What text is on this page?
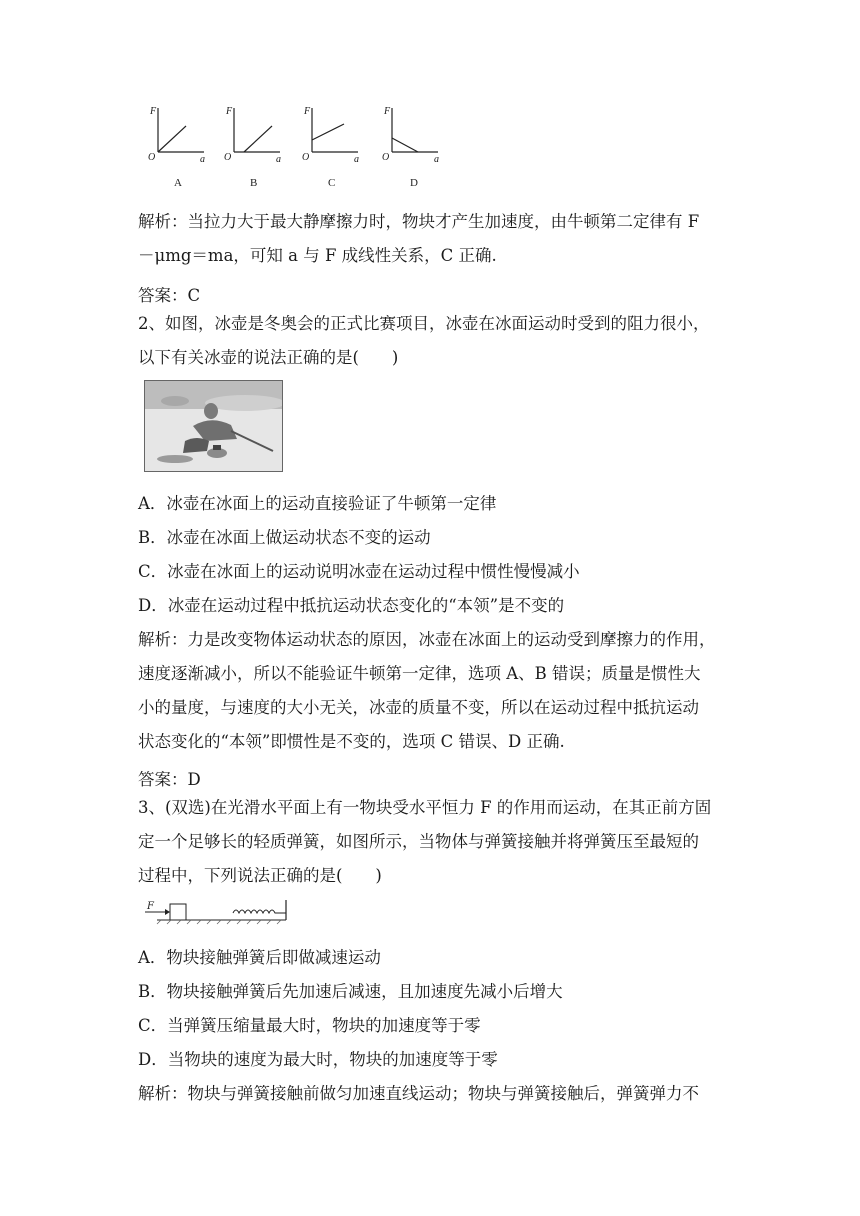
F
O	a
F
O	a
F
O	a
F
O	a
A	B	C	D
解析：当拉力大于最大静摩擦力时，物块才产生加速度，由牛顿第二定律有 F
－μmg＝ma，可知 a 与 F 成线性关系，C 正确.
答案：C
2、如图，冰壶是冬奥会的正式比赛项目，冰壶在冰面运动时受到的阻力很小，
以下有关冰壶的说法正确的是(　　)
A．冰壶在冰面上的运动直接验证了牛顿第一定律
B．冰壶在冰面上做运动状态不变的运动
C．冰壶在冰面上的运动说明冰壶在运动过程中惯性慢慢减小
D．冰壶在运动过程中抵抗运动状态变化的“本领”是不变的
解析：力是改变物体运动状态的原因，冰壶在冰面上的运动受到摩擦力的作用，
速度逐渐减小，所以不能验证牛顿第一定律，选项 A、B 错误；质量是惯性大
小的量度，与速度的大小无关，冰壶的质量不变，所以在运动过程中抵抗运动
状态变化的“本领”即惯性是不变的，选项 C 错误、D 正确.
答案：D
3、(双选)在光滑水平面上有一物块受水平恒力 F 的作用而运动，在其正前方固
定一个足够长的轻质弹簧，如图所示，当物体与弹簧接触并将弹簧压至最短的
过程中，下列说法正确的是(　　)
F
A．物块接触弹簧后即做减速运动
B．物块接触弹簧后先加速后减速，且加速度先减小后增大
C．当弹簧压缩量最大时，物块的加速度等于零
D．当物块的速度为最大时，物块的加速度等于零
解析：物块与弹簧接触前做匀加速直线运动；物块与弹簧接触后，弹簧弹力不
